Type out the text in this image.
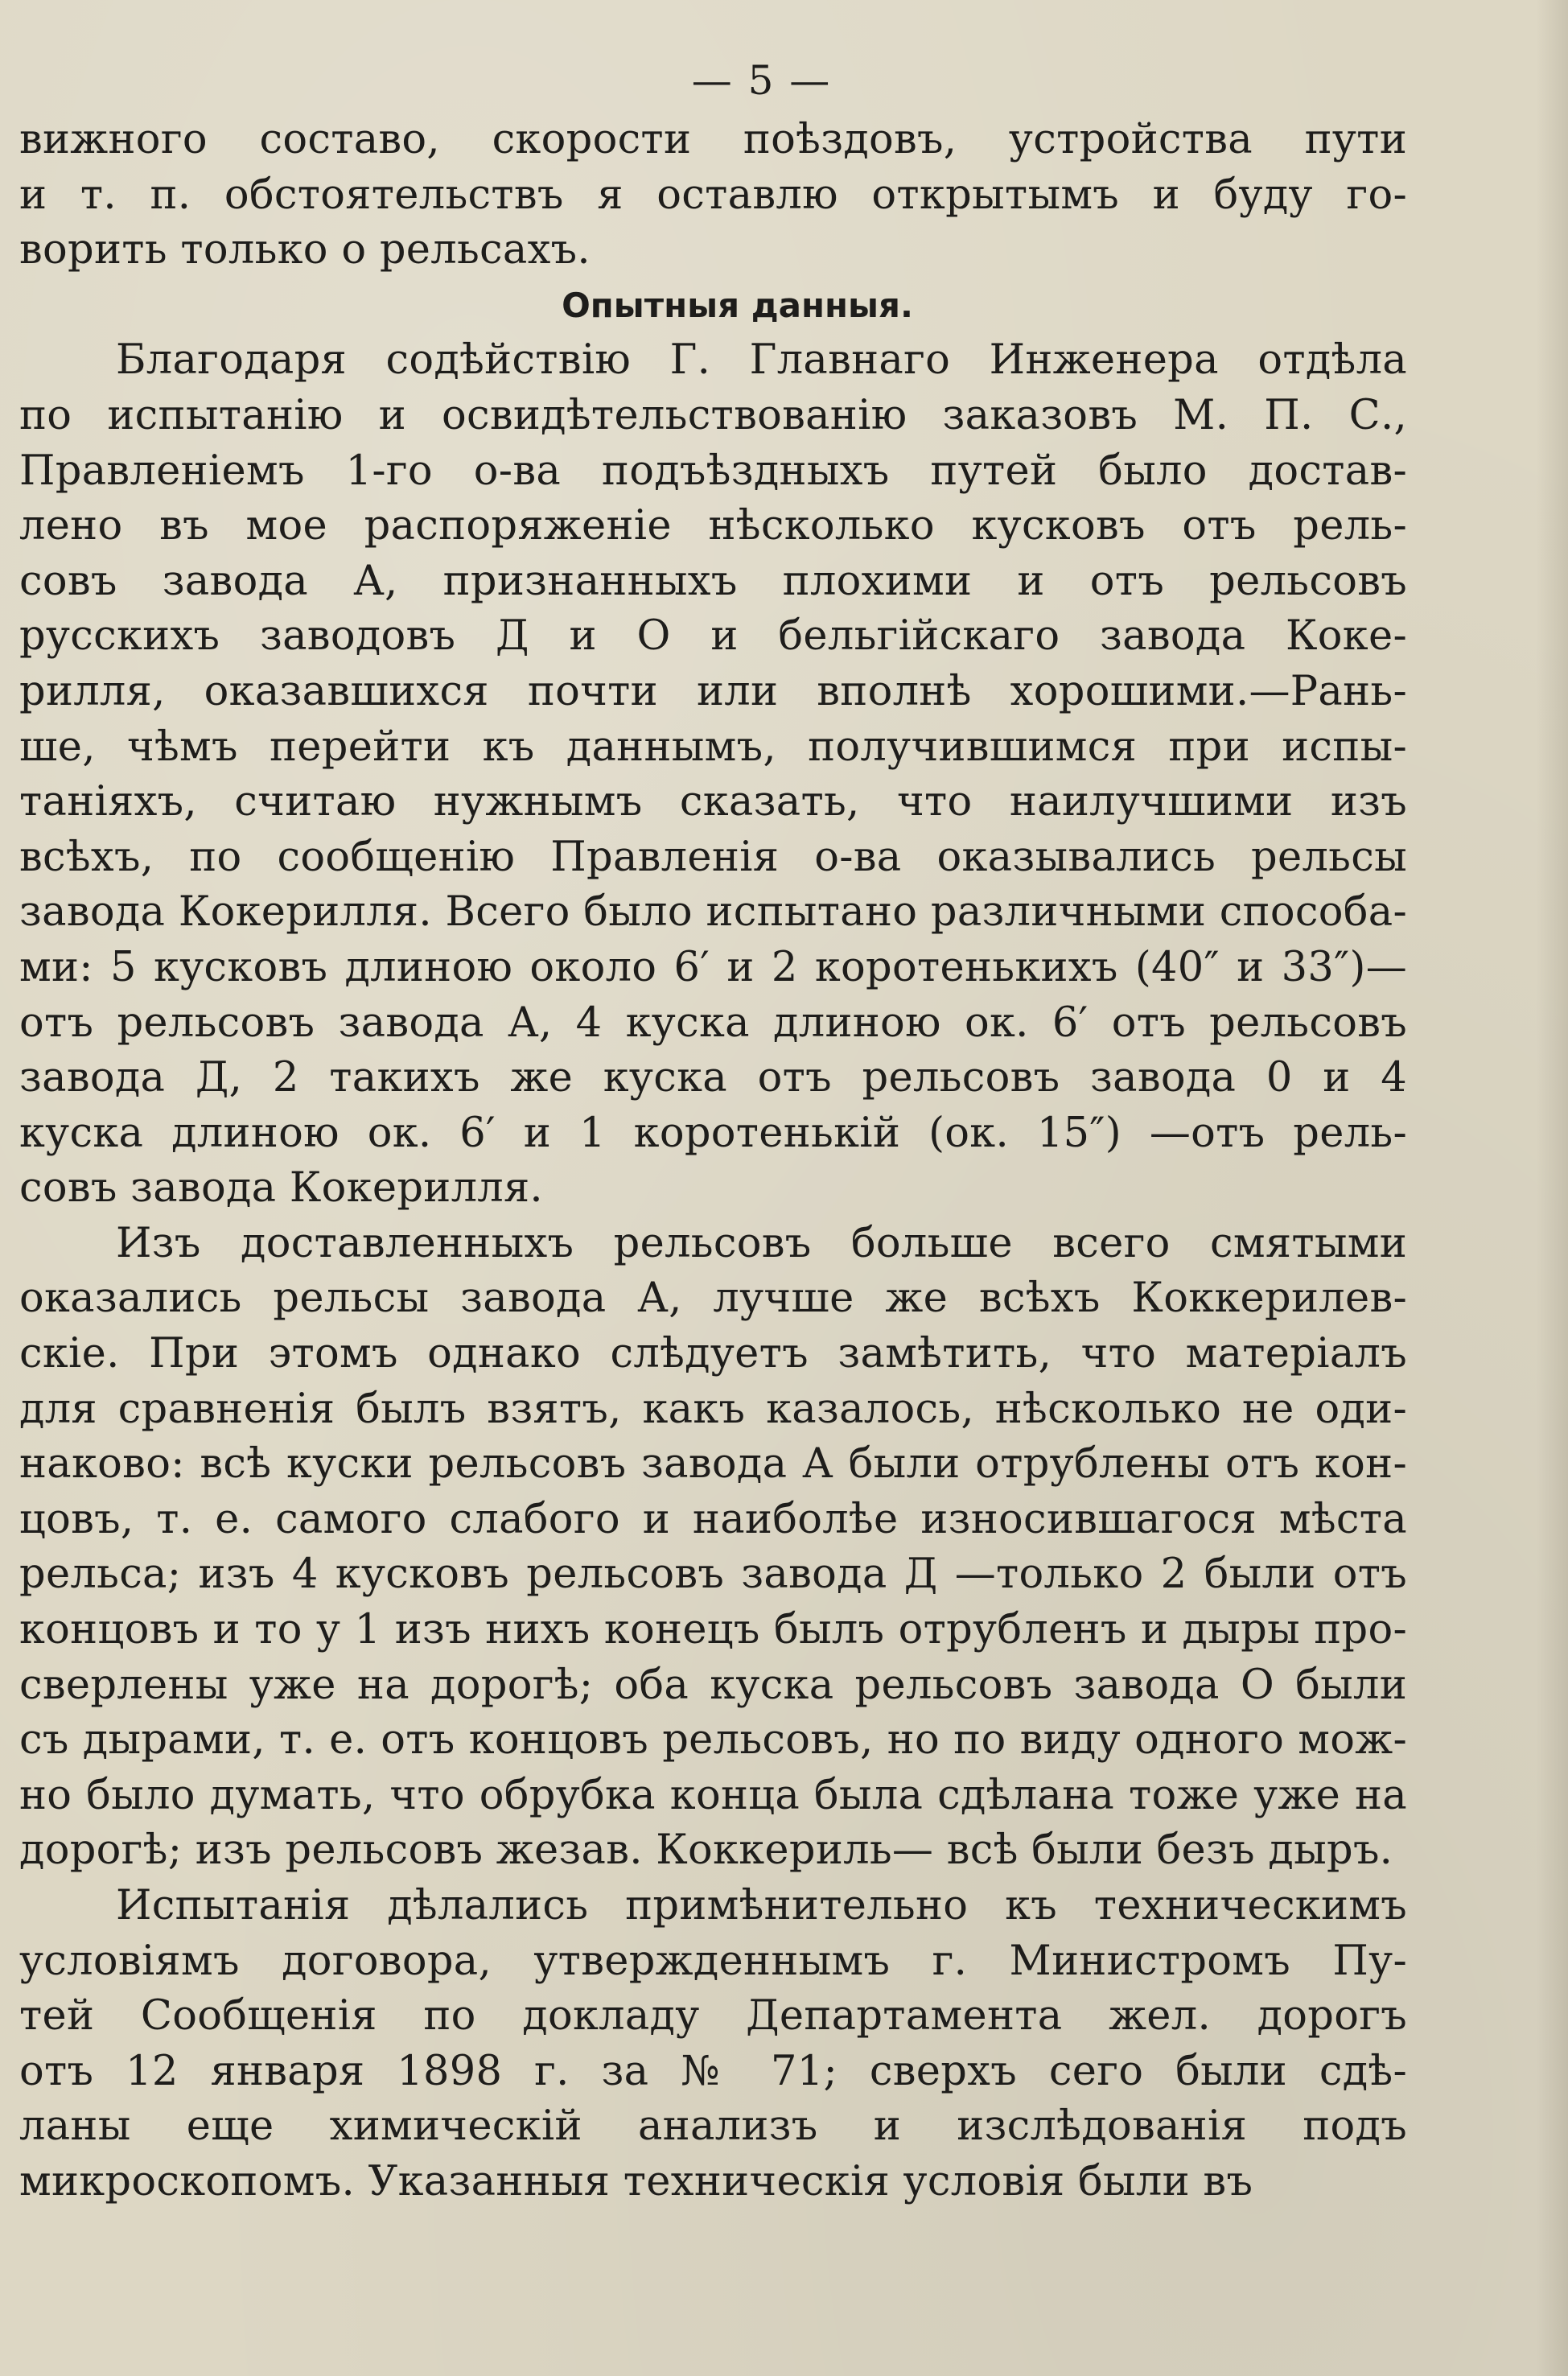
— 5 —
вижного составо, скорости поѣздовъ, устройства пути
и т. п. обстоятельствъ я оставлю открытымъ и буду го-
ворить только о рельсахъ.
Опытныя данныя.
Благодаря содѣйствію Г. Главнаго Инженера отдѣла
по испытанію и освидѣтельствованію заказовъ М. П. С.,
Правленіемъ 1-го о-ва подъѣздныхъ путей было достав-
лено въ мое распоряженіе нѣсколько кусковъ отъ рель-
совъ завода А, признанныхъ плохими и отъ рельсовъ
русскихъ заводовъ Д и О и бельгійскаго завода Коке-
рилля, оказавшихся почти или вполнѣ хорошими.—Рань-
ше, чѣмъ перейти къ даннымъ, получившимся при испы-
таніяхъ, считаю нужнымъ сказать, что наилучшими изъ
всѣхъ, по сообщенію Правленія о-ва оказывались рельсы
завода Кокерилля. Всего было испытано различными способа-
ми: 5 кусковъ длиною около 6′ и 2 коротенькихъ (40″ и 33″)—
отъ рельсовъ завода А, 4 куска длиною ок. 6′ отъ рельсовъ
завода Д, 2 такихъ же куска отъ рельсовъ завода 0 и 4
куска длиною ок. 6′ и 1 коротенькій (ок. 15″) —отъ рель-
совъ завода Кокерилля.
Изъ доставленныхъ рельсовъ больше всего смятыми
оказались рельсы завода А, лучше же всѣхъ Коккерилев-
скіе. При этомъ однако слѣдуетъ замѣтить, что матеріалъ
для сравненія былъ взятъ, какъ казалось, нѣсколько не оди-
наково: всѣ куски рельсовъ завода А были отрублены отъ кон-
цовъ, т. е. самого слабого и наиболѣе износившагося мѣста
рельса; изъ 4 кусковъ рельсовъ завода Д —только 2 были отъ
концовъ и то у 1 изъ нихъ конецъ былъ отрубленъ и дыры про-
сверлены уже на дорогѣ; оба куска рельсовъ завода О были
съ дырами, т. е. отъ концовъ рельсовъ, но по виду одного мож-
но было думать, что обрубка конца была сдѣлана тоже уже на
дорогѣ; изъ рельсовъ жезав. Коккериль— всѣ были безъ дыръ.
Испытанія дѣлались примѣнительно къ техническимъ
условіямъ договора, утвержденнымъ г. Министромъ Пу-
тей Сообщенія по докладу Департамента жел. дорогъ
отъ 12 января 1898 г. за № 71; сверхъ сего были сдѣ-
ланы еще химическій анализъ и изслѣдованія подъ
микроскопомъ. Указанныя техническія условія были въ
